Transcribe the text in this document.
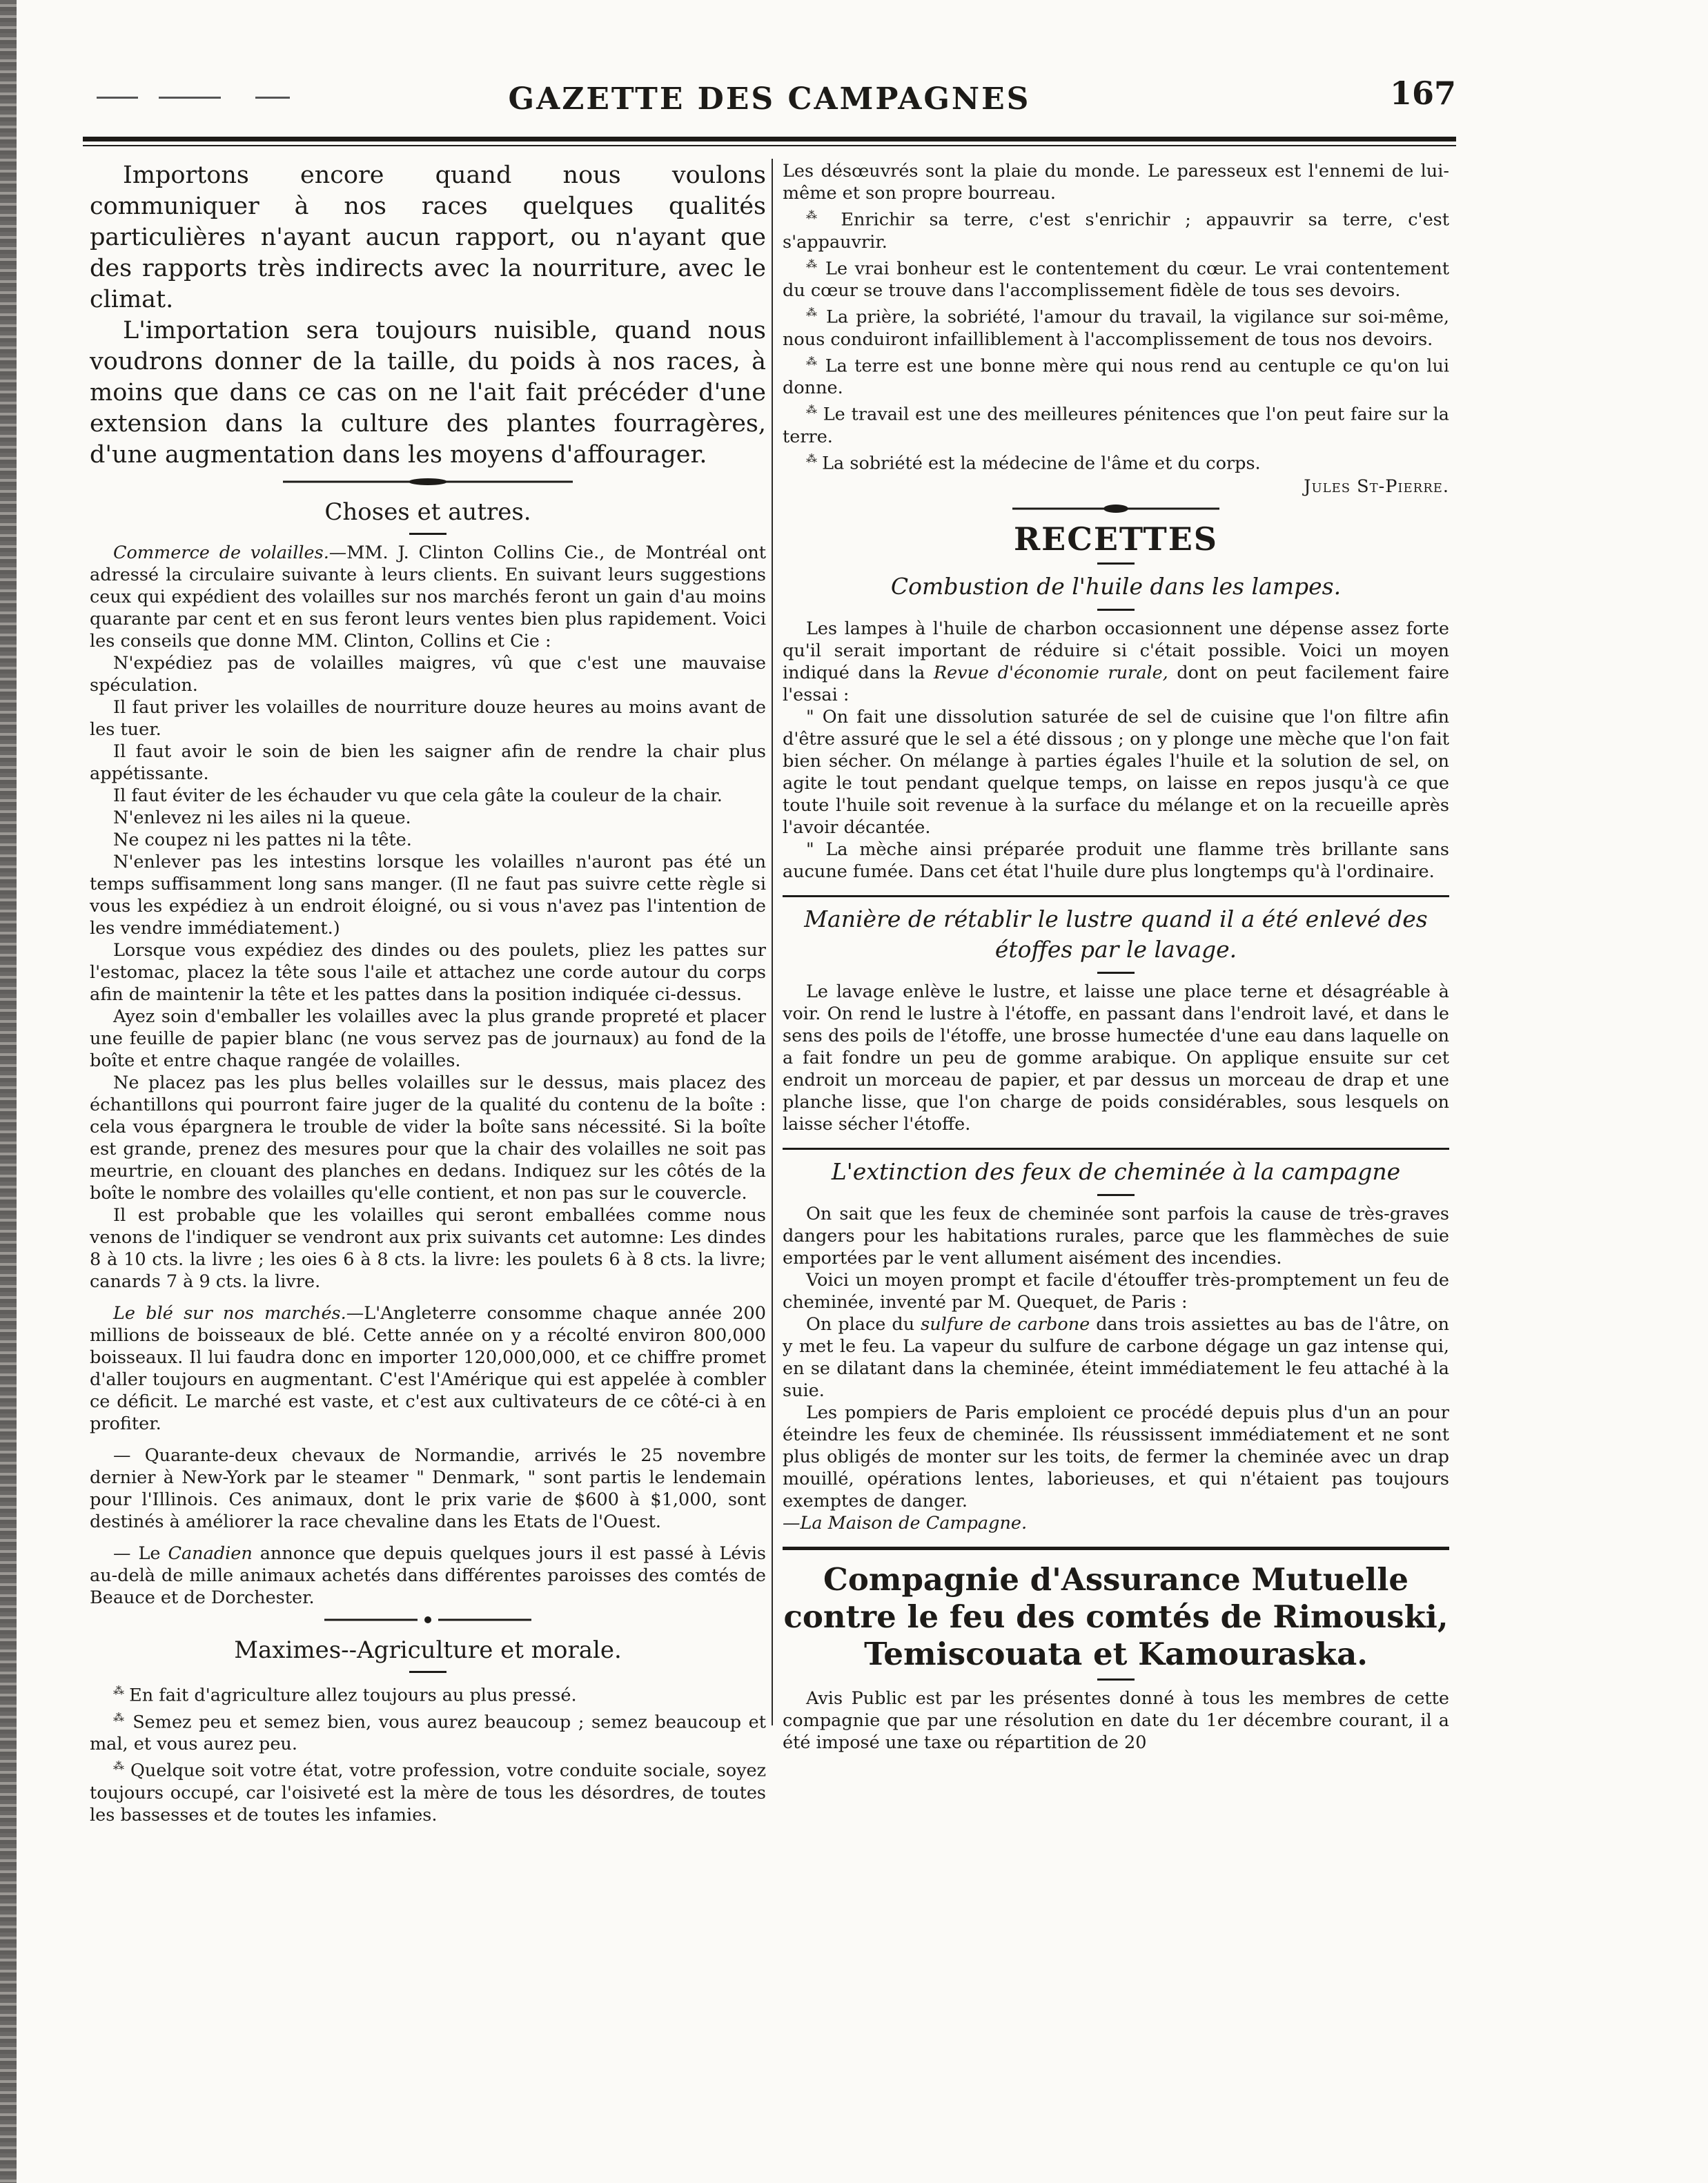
GAZETTE DES CAMPAGNES	167

Importons encore quand nous voulons communiquer à nos races quelques qualités particulières n'ayant aucun rapport, ou n'ayant que des rapports très indirects avec la nourriture, avec le climat.

L'importation sera toujours nuisible, quand nous voudrons donner de la taille, du poids à nos races, à moins que dans ce cas on ne l'ait fait précéder d'une extension dans la culture des plantes fourragères, d'une augmentation dans les moyens d'affourager.

Choses et autres.

Commerce de volailles.—MM. J. Clinton Collins Cie., de Montréal ont adressé la circulaire suivante à leurs clients. En suivant leurs suggestions ceux qui expédient des volailles sur nos marchés feront un gain d'au moins quarante par cent et en sus feront leurs ventes bien plus rapidement. Voici les conseils que donne MM. Clinton, Collins et Cie :

N'expédiez pas de volailles maigres, vû que c'est une mauvaise spéculation.

Il faut priver les volailles de nourriture douze heures au moins avant de les tuer.

Il faut avoir le soin de bien les saigner afin de rendre la chair plus appétissante.

Il faut éviter de les échauder vu que cela gâte la couleur de la chair.

N'enlevez ni les ailes ni la queue.

Ne coupez ni les pattes ni la tête.

N'enlever pas les intestins lorsque les volailles n'auront pas été un temps suffisamment long sans manger. (Il ne faut pas suivre cette règle si vous les expédiez à un endroit éloigné, ou si vous n'avez pas l'intention de les vendre immédiatement.)

Lorsque vous expédiez des dindes ou des poulets, pliez les pattes sur l'estomac, placez la tête sous l'aile et attachez une corde autour du corps afin de maintenir la tête et les pattes dans la position indiquée ci-dessus.

Ayez soin d'emballer les volailles avec la plus grande propreté et placer une feuille de papier blanc (ne vous servez pas de journaux) au fond de la boîte et entre chaque rangée de volailles.

Ne placez pas les plus belles volailles sur le dessus, mais placez des échantillons qui pourront faire juger de la qualité du contenu de la boîte : cela vous épargnera le trouble de vider la boîte sans nécessité. Si la boîte est grande, prenez des mesures pour que la chair des volailles ne soit pas meurtrie, en clouant des planches en dedans. Indiquez sur les côtés de la boîte le nombre des volailles qu'elle contient, et non pas sur le couvercle.

Il est probable que les volailles qui seront emballées comme nous venons de l'indiquer se vendront aux prix suivants cet automne: Les dindes 8 à 10 cts. la livre ; les oies 6 à 8 cts. la livre: les poulets 6 à 8 cts. la livre; canards 7 à 9 cts. la livre.

Le blé sur nos marchés.—L'Angleterre consomme chaque année 200 millions de boisseaux de blé. Cette année on y a récolté environ 800,000 boisseaux. Il lui faudra donc en importer 120,000,000, et ce chiffre promet d'aller toujours en augmentant. C'est l'Amérique qui est appelée à combler ce déficit. Le marché est vaste, et c'est aux cultivateurs de ce côté-ci à en profiter.

— Quarante-deux chevaux de Normandie, arrivés le 25 novembre dernier à New-York par le steamer " Denmark, " sont partis le lendemain pour l'Illinois. Ces animaux, dont le prix varie de $600 à $1,000, sont destinés à améliorer la race chevaline dans les Etats de l'Ouest.

— Le Canadien annonce que depuis quelques jours il est passé à Lévis au-delà de mille animaux achetés dans différentes paroisses des comtés de Beauce et de Dorchester.

Maximes--Agriculture et morale.

⁂ En fait d'agriculture allez toujours au plus pressé.

⁂ Semez peu et semez bien, vous aurez beaucoup ; semez beaucoup et mal, et vous aurez peu.

⁂ Quelque soit votre état, votre profession, votre conduite sociale, soyez toujours occupé, car l'oisiveté est la mère de tous les désordres, de toutes les bassesses et de toutes les infamies.

Les désœuvrés sont la plaie du monde. Le paresseux est l'ennemi de lui-même et son propre bourreau.

⁂ Enrichir sa terre, c'est s'enrichir ; appauvrir sa terre, c'est s'appauvrir.

⁂ Le vrai bonheur est le contentement du cœur. Le vrai contentement du cœur se trouve dans l'accomplissement fidèle de tous ses devoirs.

⁂ La prière, la sobriété, l'amour du travail, la vigilance sur soi-même, nous conduiront infailliblement à l'accomplissement de tous nos devoirs.

⁂ La terre est une bonne mère qui nous rend au centuple ce qu'on lui donne.

⁂ Le travail est une des meilleures pénitences que l'on peut faire sur la terre.

⁂ La sobriété est la médecine de l'âme et du corps.

Jules St-Pierre.
RECETTES
Combustion de l'huile dans les lampes.

Les lampes à l'huile de charbon occasionnent une dépense assez forte qu'il serait important de réduire si c'était possible. Voici un moyen indiqué dans la Revue d'économie rurale, dont on peut facilement faire l'essai :

" On fait une dissolution saturée de sel de cuisine que l'on filtre afin d'être assuré que le sel a été dissous ; on y plonge une mèche que l'on fait bien sécher. On mélange à parties égales l'huile et la solution de sel, on agite le tout pendant quelque temps, on laisse en repos jusqu'à ce que toute l'huile soit revenue à la surface du mélange et on la recueille après l'avoir décantée.

" La mèche ainsi préparée produit une flamme très brillante sans aucune fumée. Dans cet état l'huile dure plus longtemps qu'à l'ordinaire.

Manière de rétablir le lustre quand il a été enlevé des étoffes par le lavage.

Le lavage enlève le lustre, et laisse une place terne et désagréable à voir. On rend le lustre à l'étoffe, en passant dans l'endroit lavé, et dans le sens des poils de l'étoffe, une brosse humectée d'une eau dans laquelle on a fait fondre un peu de gomme arabique. On applique ensuite sur cet endroit un morceau de papier, et par dessus un morceau de drap et une planche lisse, que l'on charge de poids considérables, sous lesquels on laisse sécher l'étoffe.

L'extinction des feux de cheminée à la campagne

On sait que les feux de cheminée sont parfois la cause de très-graves dangers pour les habitations rurales, parce que les flammèches de suie emportées par le vent allument aisément des incendies.

Voici un moyen prompt et facile d'étouffer très-promptement un feu de cheminée, inventé par M. Quequet, de Paris :

On place du sulfure de carbone dans trois assiettes au bas de l'âtre, on y met le feu. La vapeur du sulfure de carbone dégage un gaz intense qui, en se dilatant dans la cheminée, éteint immédiatement le feu attaché à la suie.

Les pompiers de Paris emploient ce procédé depuis plus d'un an pour éteindre les feux de cheminée. Ils réussissent immédiatement et ne sont plus obligés de monter sur les toits, de fermer la cheminée avec un drap mouillé, opérations lentes, laborieuses, et qui n'étaient pas toujours exemptes de danger.

—La Maison de Campagne.

Compagnie d'Assurance Mutuelle contre le feu des comtés de Rimouski, Temiscouata et Kamouraska.

Avis Public est par les présentes donné à tous les membres de cette compagnie que par une résolution en date du 1er décembre courant, il a été imposé une taxe ou répartition de 20
